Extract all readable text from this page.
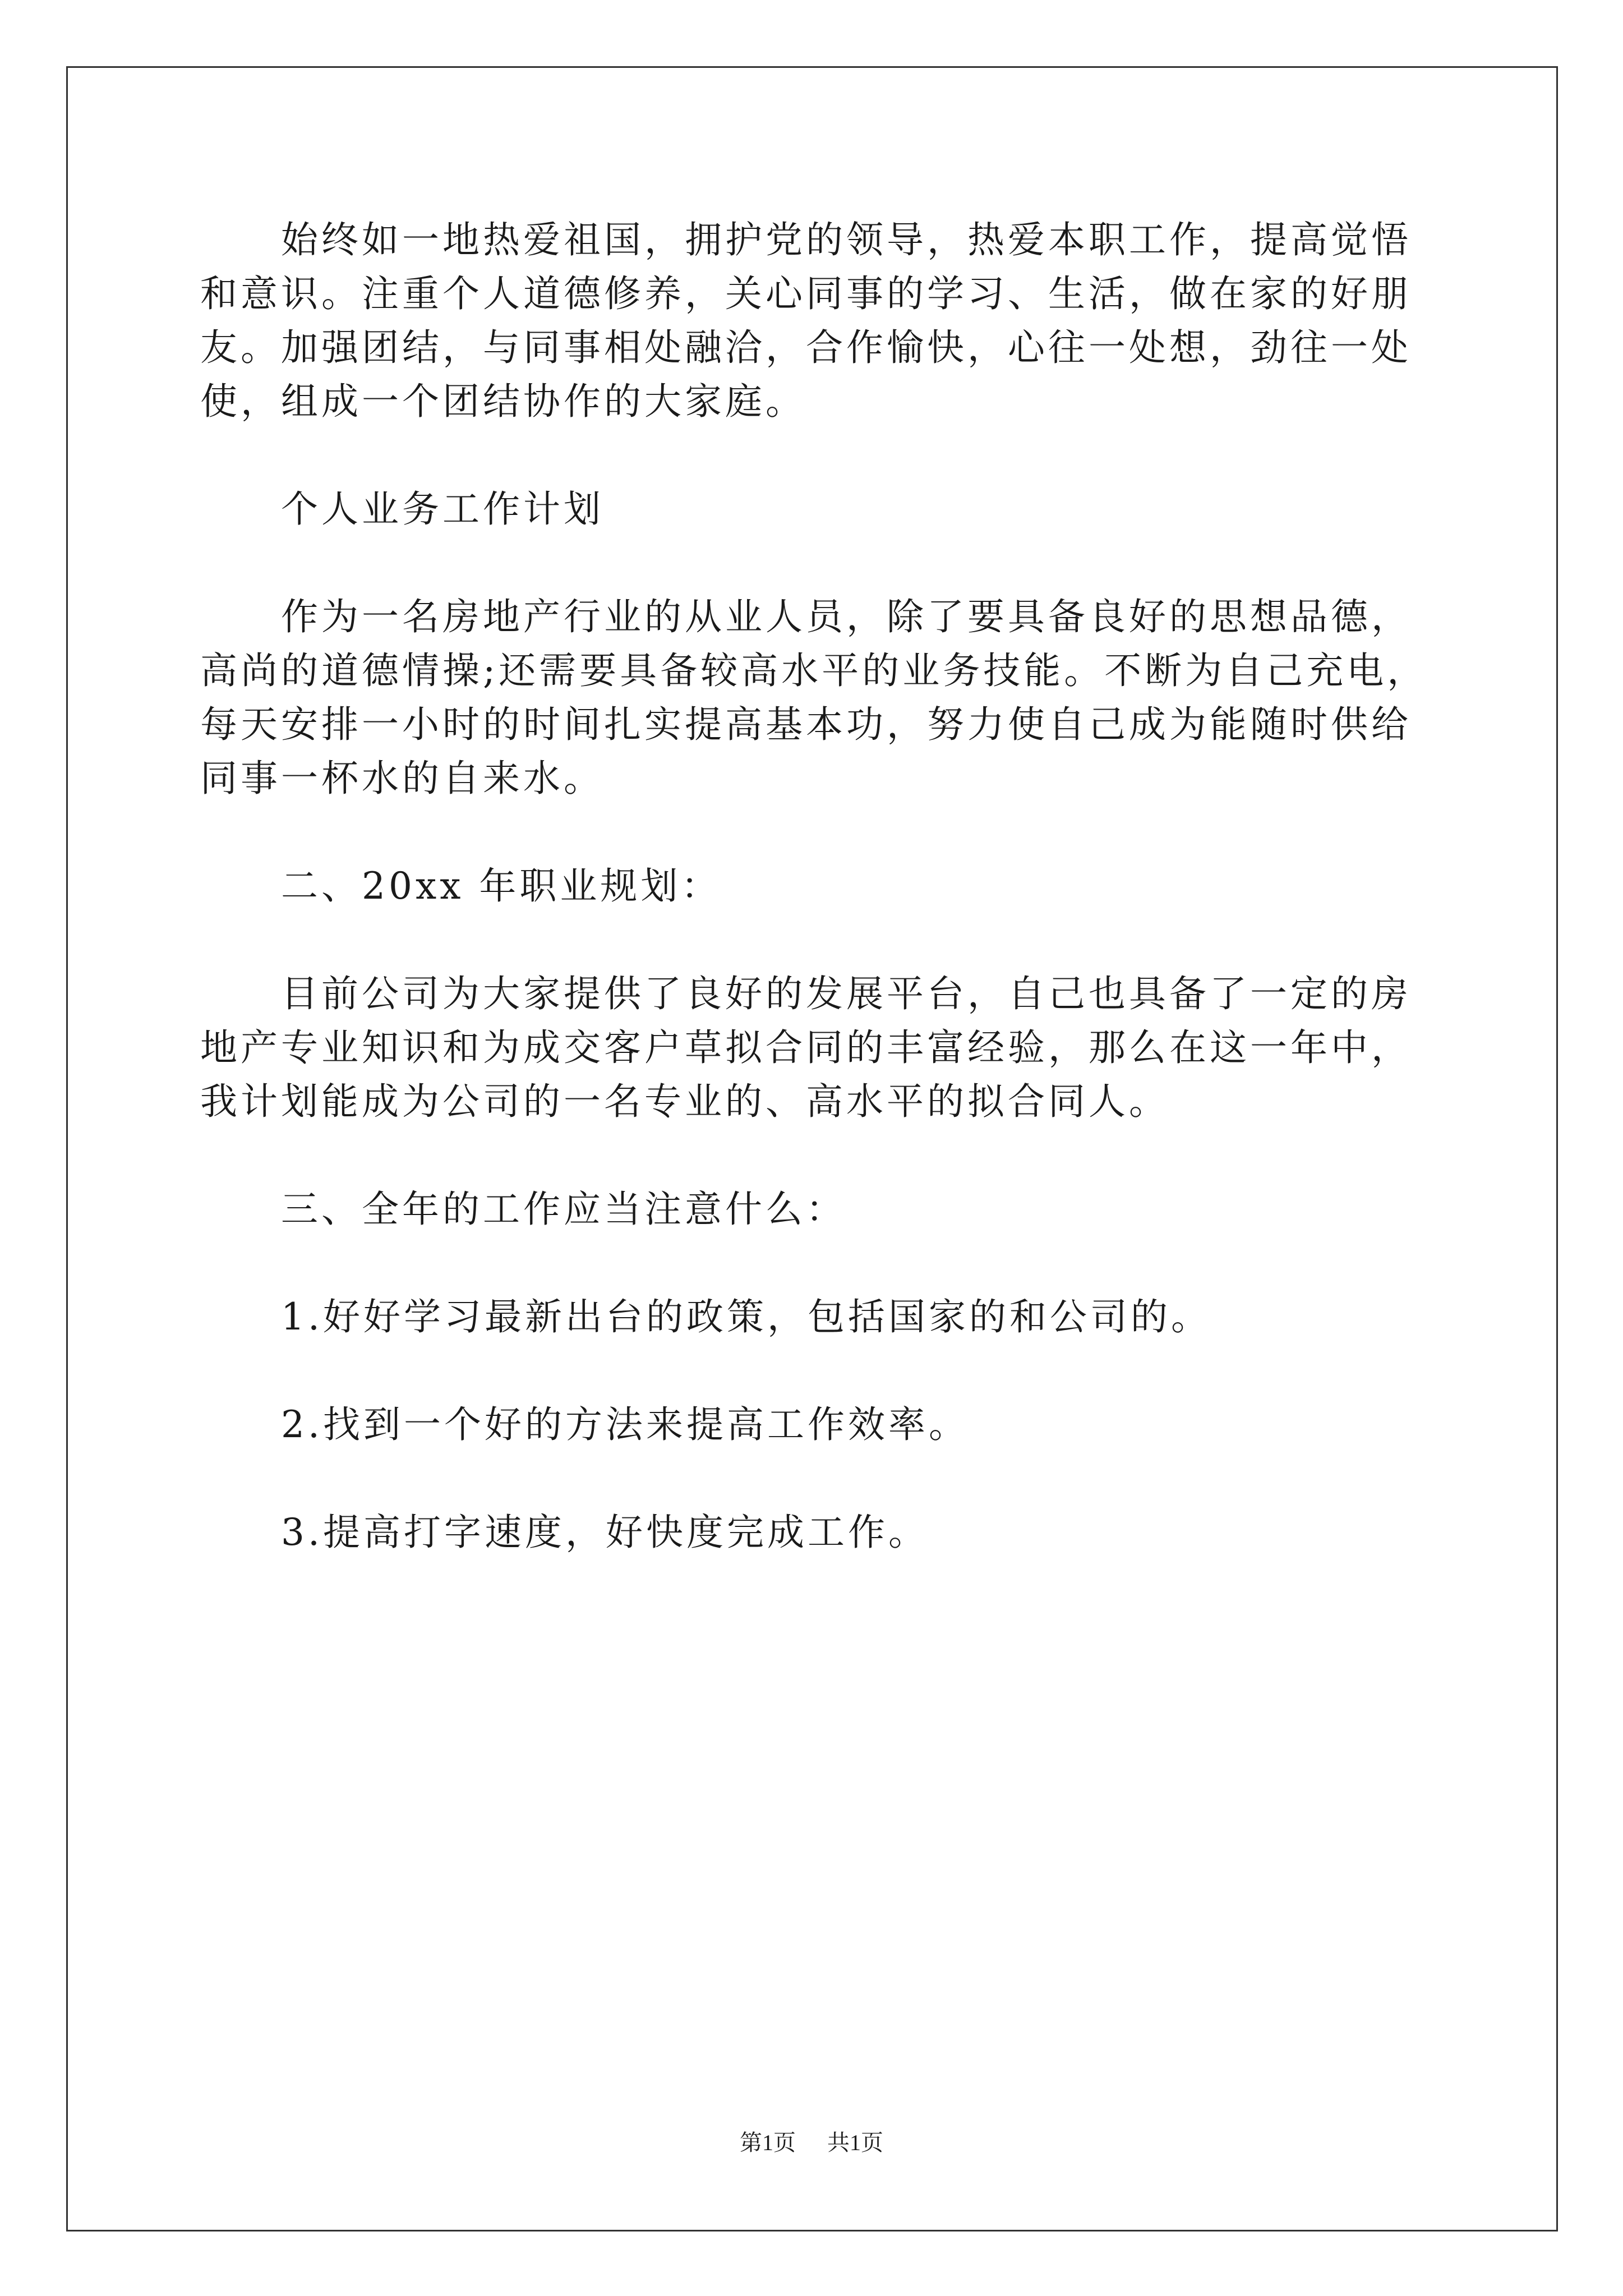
始终如一地热爱祖国，拥护党的领导，热爱本职工作，提高觉悟

和意识。注重个人道德修养，关心同事的学习、生活，做在家的好朋

友。加强团结，与同事相处融洽，合作愉快，心往一处想，劲往一处

使，组成一个团结协作的大家庭。

个人业务工作计划

作为一名房地产行业的从业人员，除了要具备良好的思想品德，

高尚的道德情操;还需要具备较高水平的业务技能。不断为自己充电，

每天安排一小时的时间扎实提高基本功，努力使自己成为能随时供给

同事一杯水的自来水。

二、20xx 年职业规划：

目前公司为大家提供了良好的发展平台，自己也具备了一定的房

地产专业知识和为成交客户草拟合同的丰富经验，那么在这一年中，

我计划能成为公司的一名专业的、高水平的拟合同人。

三、全年的工作应当注意什么：

1.好好学习最新出台的政策，包括国家的和公司的。

2.找到一个好的方法来提高工作效率。

3.提高打字速度，好快度完成工作。

第1页 共1页
